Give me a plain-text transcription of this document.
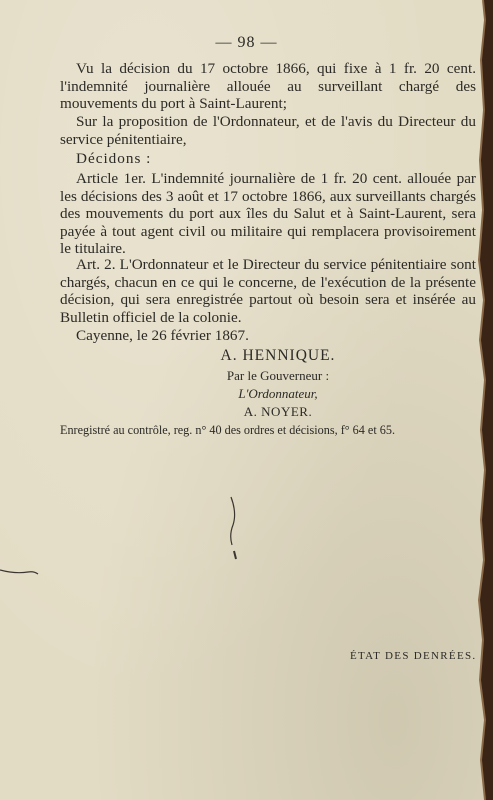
— 98 —
Vu la décision du 17 octobre 1866, qui fixe à 1 fr. 20 cent. l'indemnité journalière allouée au surveillant chargé des mouvements du port à Saint-Laurent;
Sur la proposition de l'Ordonnateur, et de l'avis du Directeur du service pénitentiaire,
Décidons :
Article 1er. L'indemnité journalière de 1 fr. 20 cent. allouée par les décisions des 3 août et 17 octobre 1866, aux surveillants chargés des mouvements du port aux îles du Salut et à Saint-Laurent, sera payée à tout agent civil ou militaire qui remplacera provisoirement le titulaire.
Art. 2. L'Ordonnateur et le Directeur du service pénitentiaire sont chargés, chacun en ce qui le concerne, de l'exécution de la présente décision, qui sera enregistrée partout où besoin sera et insérée au Bulletin officiel de la colonie.
Cayenne, le 26 février 1867.
A. HENNIQUE.
Par le Gouverneur :
L'Ordonnateur,
A. NOYER.
Enregistré au contrôle, reg. n° 40 des ordres et décisions, f° 64 et 65.
ÉTAT DES DENRÉES.
